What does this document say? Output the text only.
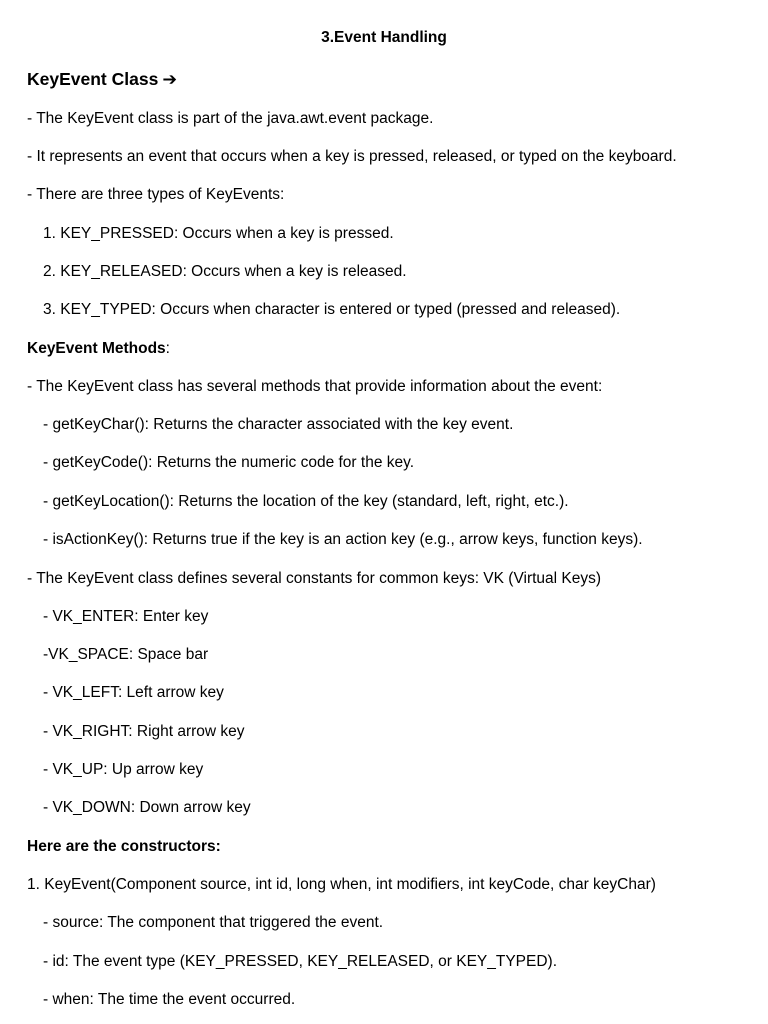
3.Event Handling

KeyEvent Class ➔

- The KeyEvent class is part of the java.awt.event package.

- It represents an event that occurs when a key is pressed, released, or typed on the keyboard.

- There are three types of KeyEvents:

1. KEY_PRESSED: Occurs when a key is pressed.

2. KEY_RELEASED: Occurs when a key is released.

3. KEY_TYPED: Occurs when character is entered or typed (pressed and released).

KeyEvent Methods:

- The KeyEvent class has several methods that provide information about the event:

- getKeyChar(): Returns the character associated with the key event.

- getKeyCode(): Returns the numeric code for the key.

- getKeyLocation(): Returns the location of the key (standard, left, right, etc.).

- isActionKey(): Returns true if the key is an action key (e.g., arrow keys, function keys).

- The KeyEvent class defines several constants for common keys: VK (Virtual Keys)

- VK_ENTER: Enter key

-VK_SPACE: Space bar

- VK_LEFT: Left arrow key

- VK_RIGHT: Right arrow key

- VK_UP: Up arrow key

- VK_DOWN: Down arrow key

Here are the constructors:

1. KeyEvent(Component source, int id, long when, int modifiers, int keyCode, char keyChar)

- source: The component that triggered the event.

- id: The event type (KEY_PRESSED, KEY_RELEASED, or KEY_TYPED).

- when: The time the event occurred.
